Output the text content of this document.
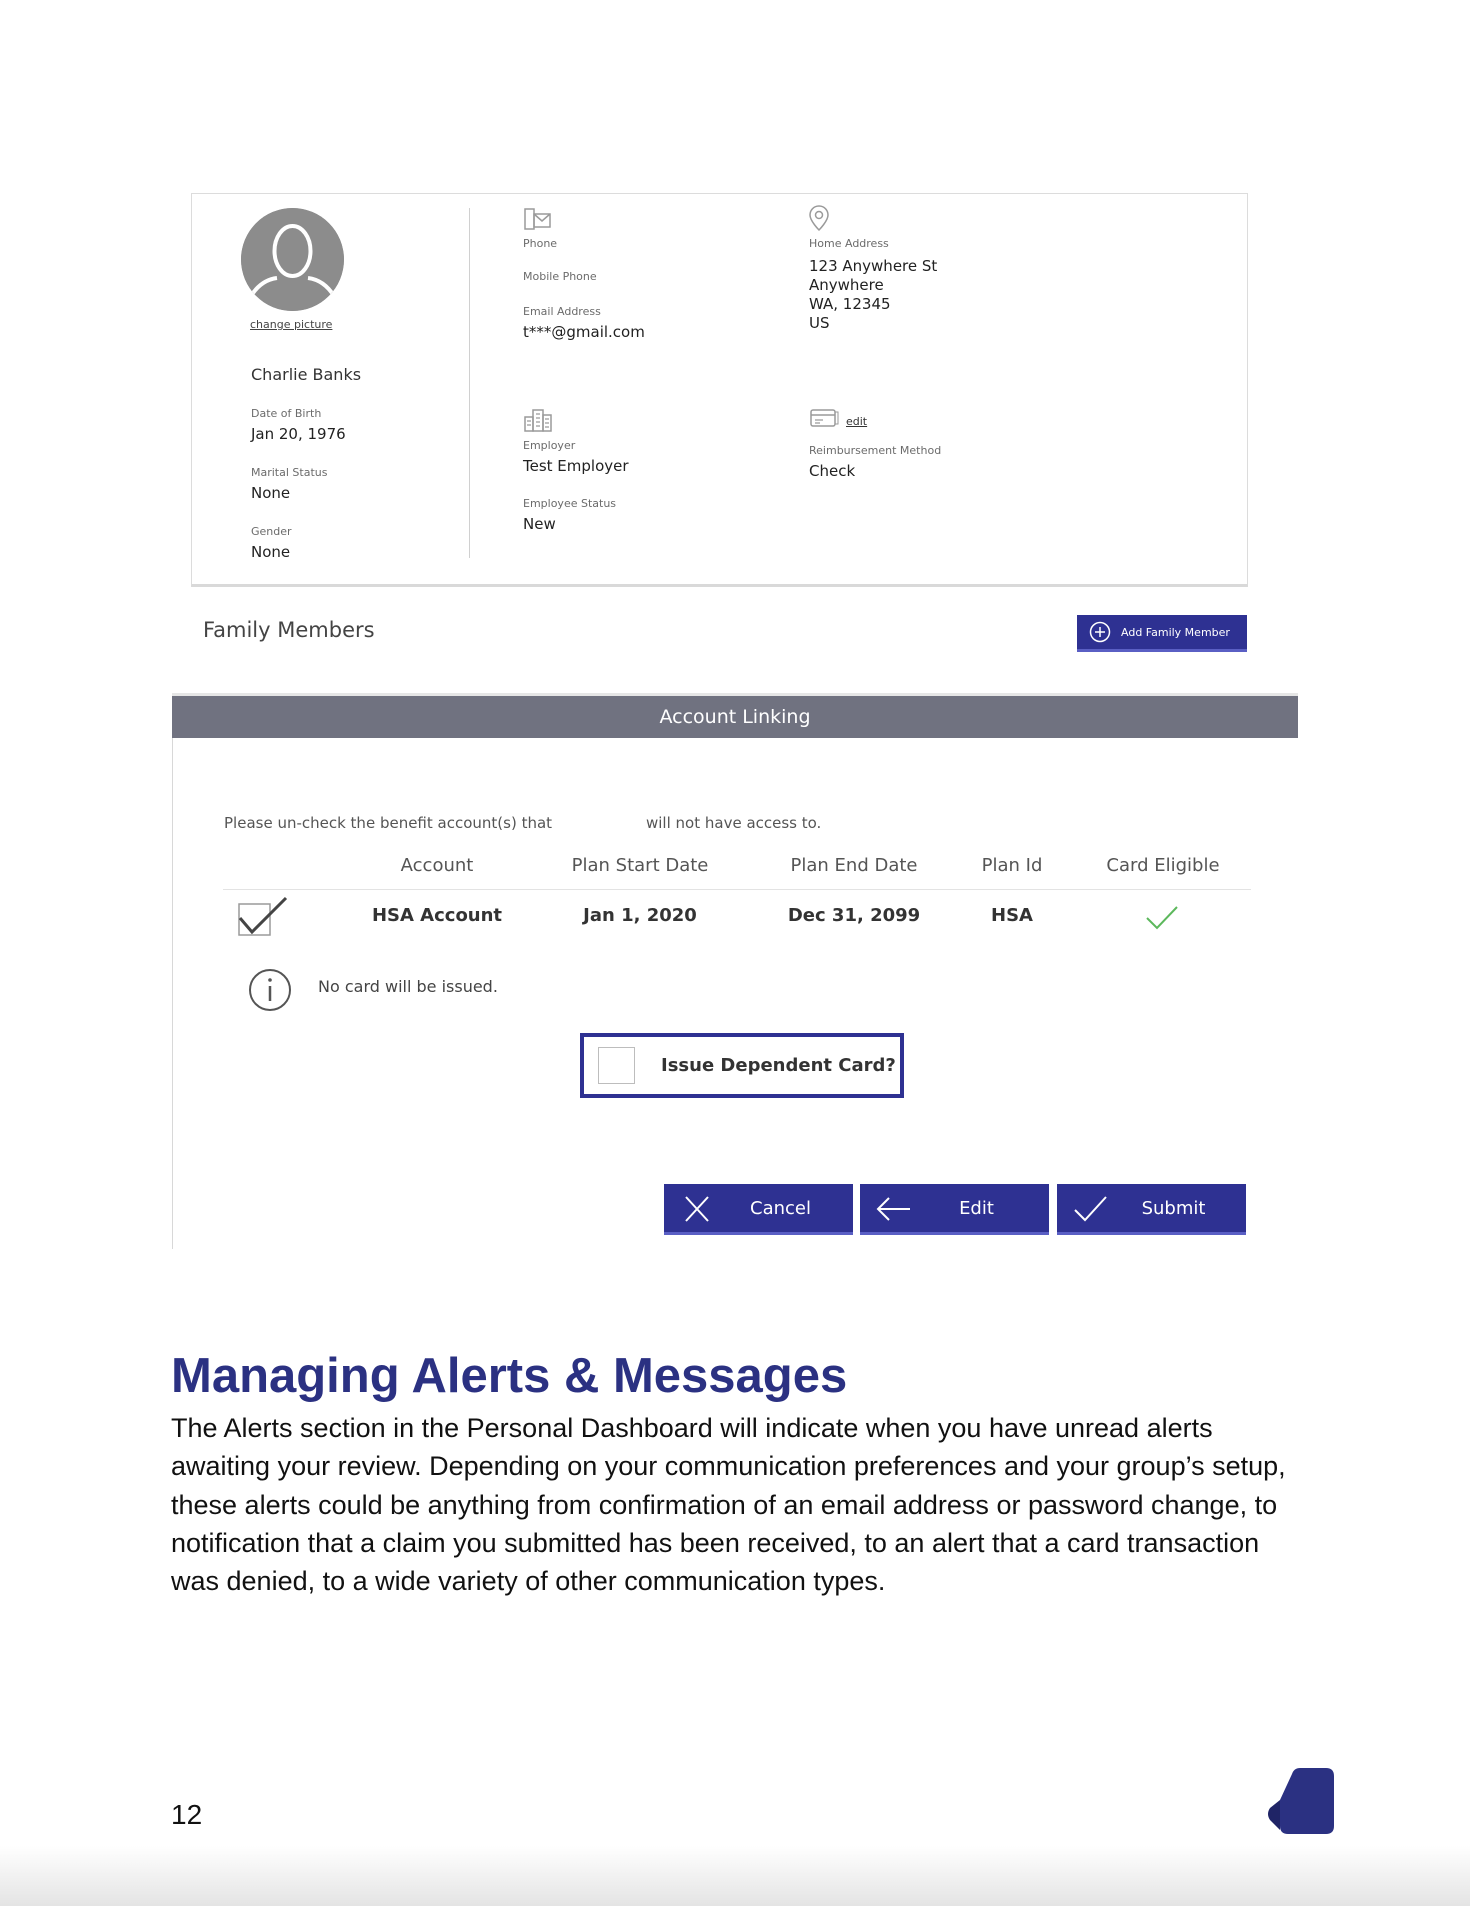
change picture
Charlie Banks
Date of Birth
Jan 20, 1976
Marital Status
None
Gender
None
Phone
Mobile Phone
Email Address
t***@gmail.com
Home Address
123 Anywhere St
Anywhere
WA, 12345
US
Employer
Test Employer
Employee Status
New
edit
Reimbursement Method
Check
Family Members	Add Family Member
Account Linking
Please un-check the benefit account(s) that	will not have access to.
Account	Plan Start Date	Plan End Date	Plan Id	Card Eligible
HSA Account	Jan 1, 2020	Dec 31, 2099	HSA
No card will be issued.
Issue Dependent Card?
Cancel	Edit	Submit
Managing Alerts & Messages

The Alerts section in the Personal Dashboard will indicate when you have unread alerts awaiting your review. Depending on your communication preferences and your group’s setup, these alerts could be anything from confirmation of an email address or password change, to notification that a claim you submitted has been received, to an alert that a card transaction was denied, to a wide variety of other communication types.

12
